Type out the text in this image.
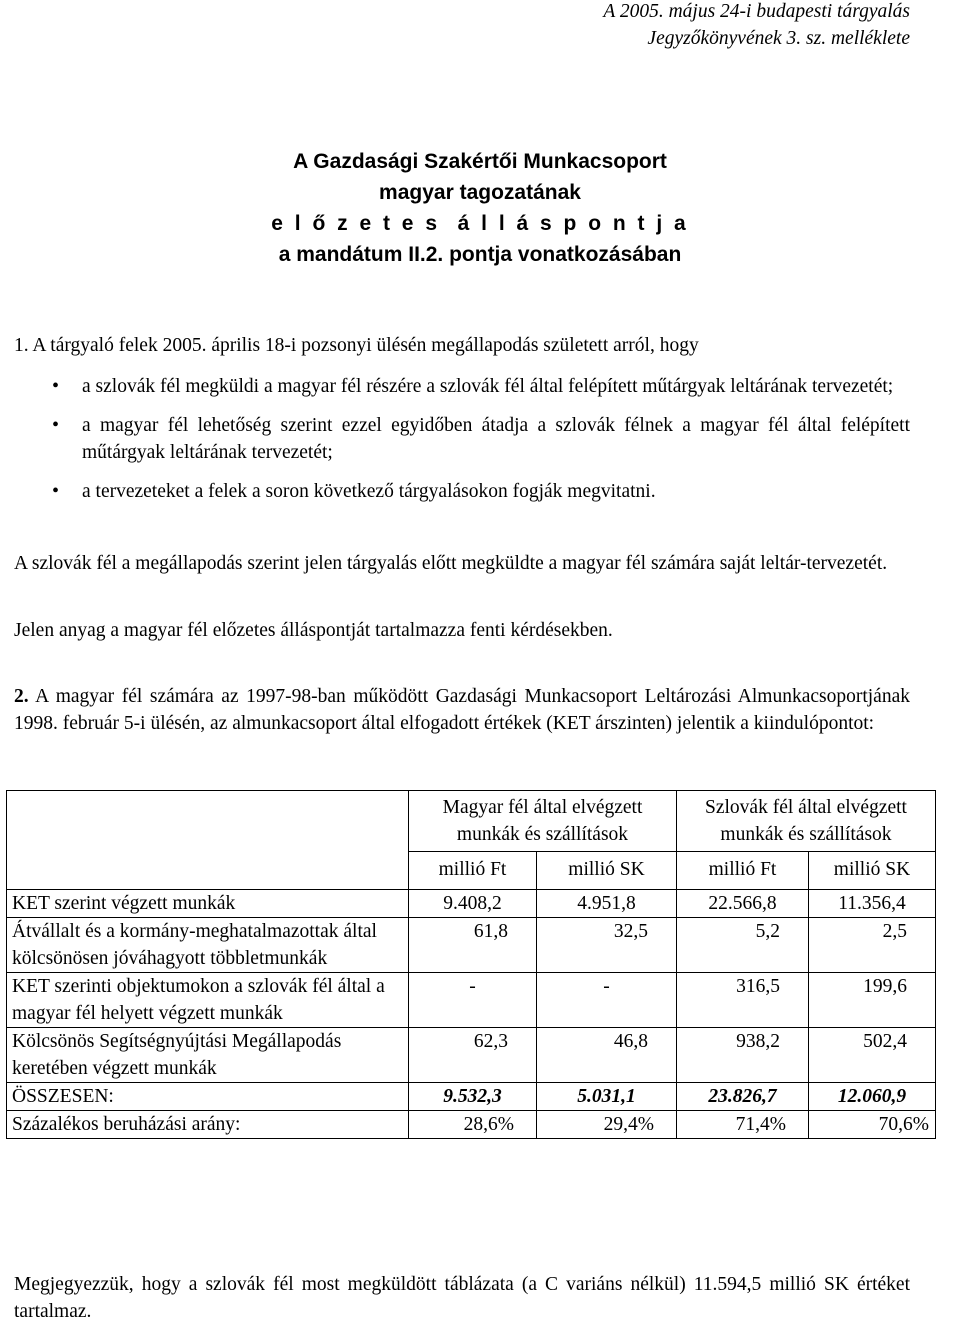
A 2005. május 24-i budapesti tárgyalás
Jegyzőkönyvének 3. sz. melléklete
A Gazdasági Szakértői Munkacsoport
magyar tagozatának
e l ő z e t e s  á l l á s p o n t j a
a mandátum II.2. pontja vonatkozásában
1. A tárgyaló felek 2005. április 18-i pozsonyi ülésén megállapodás született arról, hogy
• a szlovák fél megküldi a magyar fél részére a szlovák fél által felépített műtárgyak leltárának tervezetét;
• a magyar fél lehetőség szerint ezzel egyidőben átadja a szlovák félnek a magyar fél által felépített műtárgyak leltárának tervezetét;
• a tervezeteket a felek a soron következő tárgyalásokon fogják megvitatni.
A szlovák fél a megállapodás szerint jelen tárgyalás előtt megküldte a magyar fél számára saját leltár-tervezetét.
Jelen anyag a magyar fél előzetes álláspontját tartalmazza fenti kérdésekben.
2. A magyar fél számára az 1997-98-ban működött Gazdasági Munkacsoport Leltározási Almunkacsoportjának 1998. február 5-i ülésén, az almunkacsoport által elfogadott értékek (KET árszinten) jelentik a kiindulópontot:
	Magyar fél által elvégzett munkák és szállítások		Szlovák fél által elvégzett munkák és szállítások	
	millió Ft	millió SK	millió Ft	millió SK
KET szerint végzett munkák	9.408,2	4.951,8	22.566,8	11.356,4
Átvállalt és a kormány-meghatalmazottak által kölcsönösen jóváhagyott többletmunkák	61,8	32,5	5,2	2,5
KET szerinti objektumokon a szlovák fél által a magyar fél helyett végzett munkák	-	-	316,5	199,6
Kölcsönös Segítségnyújtási Megállapodás keretében végzett munkák	62,3	46,8	938,2	502,4
ÖSSZESEN:	9.532,3	5.031,1	23.826,7	12.060,9
Százalékos beruházási arány:	28,6%	29,4%	71,4%	70,6%
Megjegyezzük, hogy a szlovák fél most megküldött táblázata (a C variáns nélkül) 11.594,5 millió SK értéket tartalmaz.
